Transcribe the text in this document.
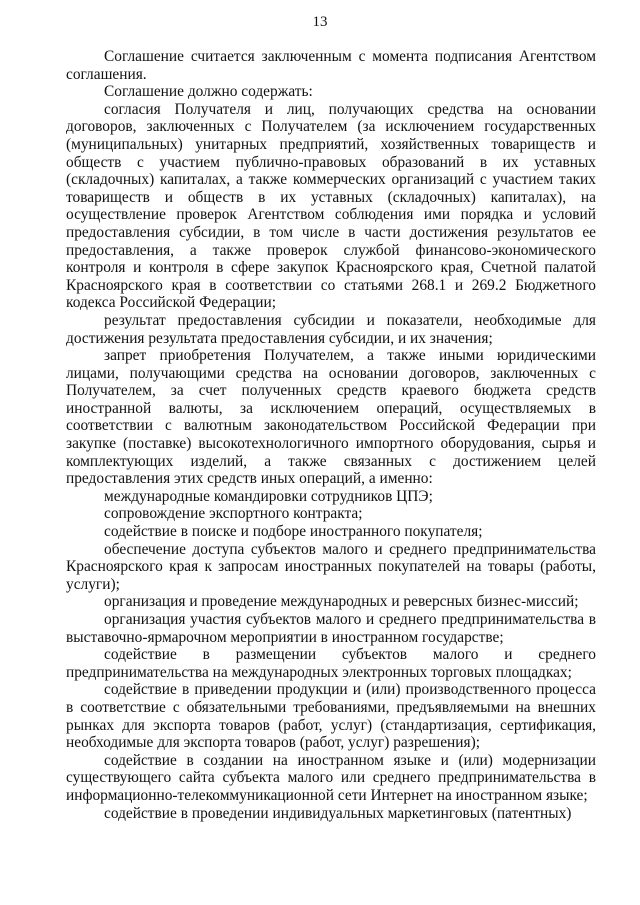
13

Соглашение считается заключенным с момента подписания Агентством соглашения.

Соглашение должно содержать:

согласия Получателя и лиц, получающих средства на основании договоров, заключенных с Получателем (за исключением государственных (муниципальных) унитарных предприятий, хозяйственных товариществ и обществ с участием публично-правовых образований в их уставных (складочных) капиталах, а также коммерческих организаций с участием таких товариществ и обществ в их уставных (складочных) капиталах), на осуществление проверок Агентством соблюдения ими порядка и условий предоставления субсидии, в том числе в части достижения результатов ее предоставления, а также проверок службой финансово-экономического контроля и контроля в сфере закупок Красноярского края, Счетной палатой Красноярского края в соответствии со статьями 268.1 и 269.2 Бюджетного кодекса Российской Федерации;

результат предоставления субсидии и показатели, необходимые для достижения результата предоставления субсидии, и их значения;

запрет приобретения Получателем, а также иными юридическими лицами, получающими средства на основании договоров, заключенных с Получателем, за счет полученных средств краевого бюджета средств иностранной валюты, за исключением операций, осуществляемых в соответствии с валютным законодательством Российской Федерации при закупке (поставке) высокотехнологичного импортного оборудования, сырья и комплектующих изделий, а также связанных с достижением целей предоставления этих средств иных операций, а именно:

международные командировки сотрудников ЦПЭ;

сопровождение экспортного контракта;

содействие в поиске и подборе иностранного покупателя;

обеспечение доступа субъектов малого и среднего предпринимательства Красноярского края к запросам иностранных покупателей на товары (работы, услуги);

организация и проведение международных и реверсных бизнес-миссий;

организация участия субъектов малого и среднего предпринимательства в выставочно-ярмарочном мероприятии в иностранном государстве;

содействие в размещении субъектов малого и среднего предпринимательства на международных электронных торговых площадках;

содействие в приведении продукции и (или) производственного процесса в соответствие с обязательными требованиями, предъявляемыми на внешних рынках для экспорта товаров (работ, услуг) (стандартизация, сертификация, необходимые для экспорта товаров (работ, услуг) разрешения);

содействие в создании на иностранном языке и (или) модернизации существующего сайта субъекта малого или среднего предпринимательства в информационно-телекоммуникационной сети Интернет на иностранном языке;

содействие в проведении индивидуальных маркетинговых (патентных)
